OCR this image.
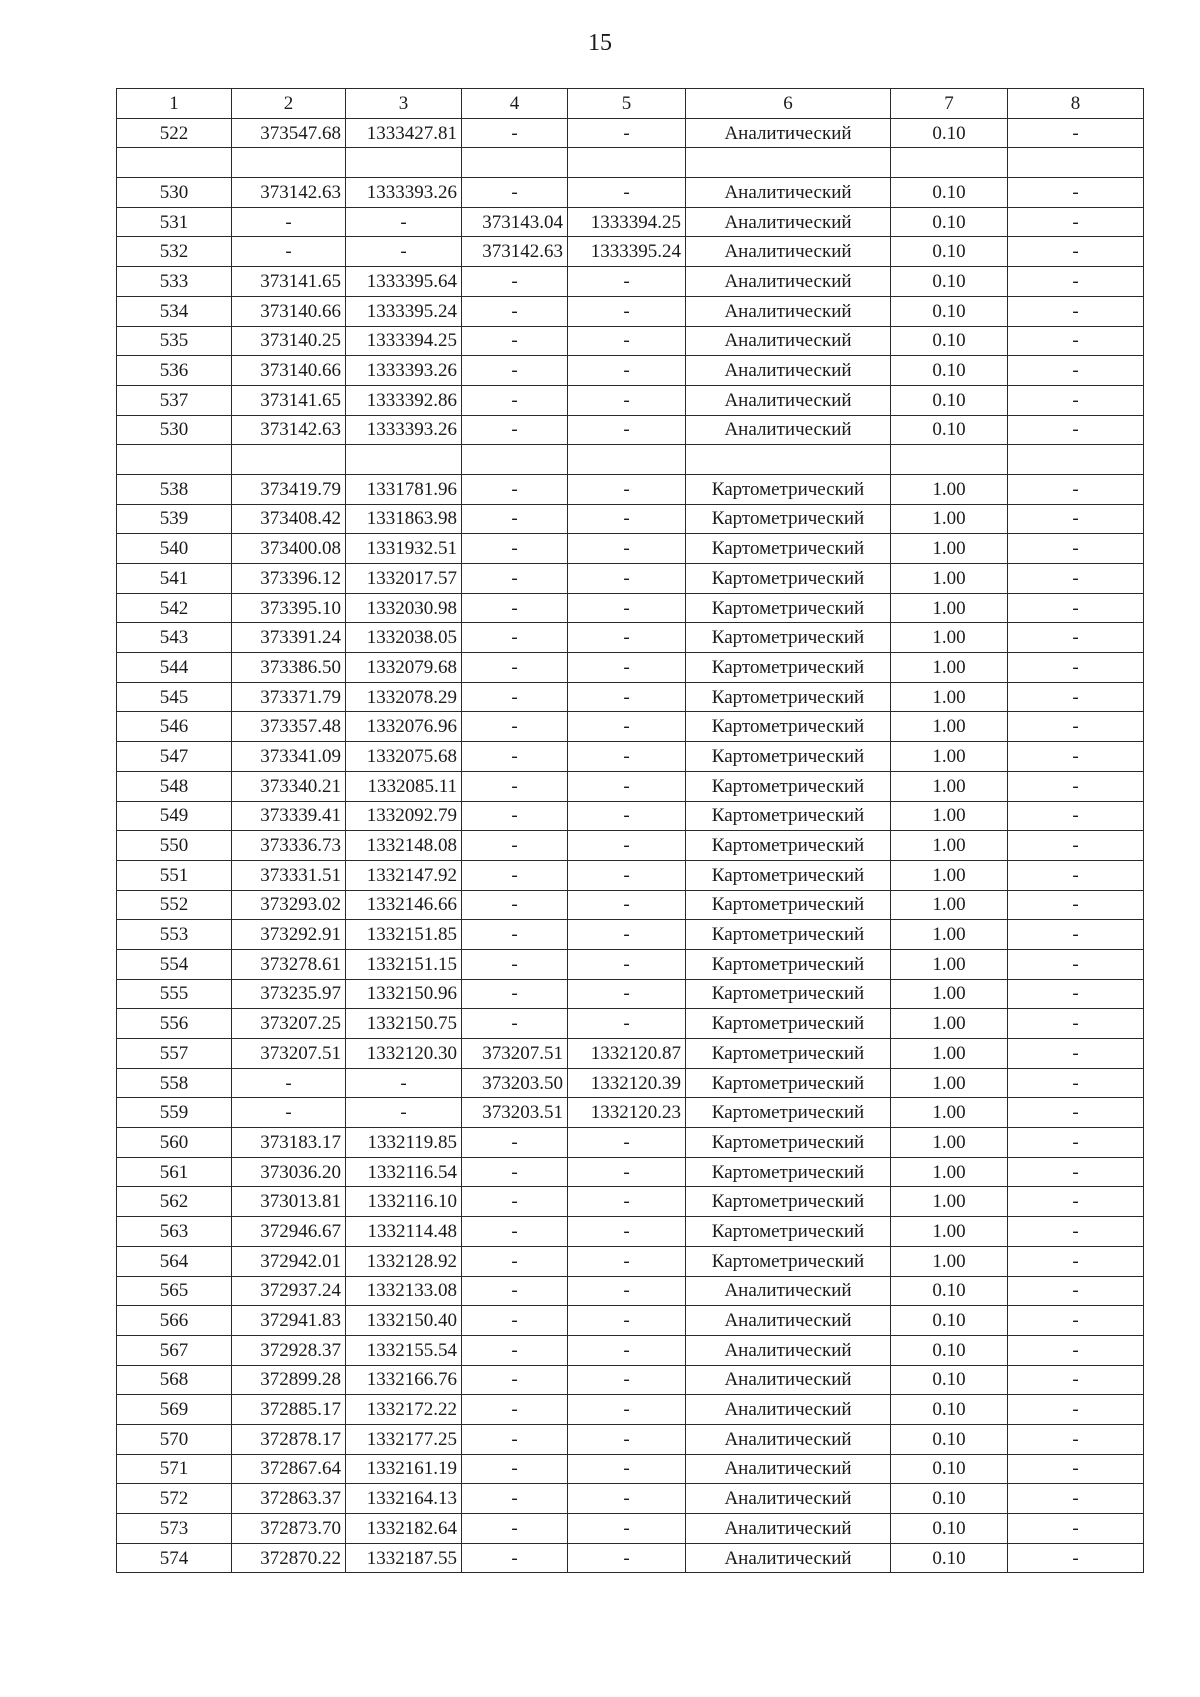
15
1	2	3	4	5	6	7	8
522	373547.68	1333427.81	-	-	Аналитический	0.10	-

530	373142.63	1333393.26	-	-	Аналитический	0.10	-
531	-	-	373143.04	1333394.25	Аналитический	0.10	-
532	-	-	373142.63	1333395.24	Аналитический	0.10	-
533	373141.65	1333395.64	-	-	Аналитический	0.10	-
534	373140.66	1333395.24	-	-	Аналитический	0.10	-
535	373140.25	1333394.25	-	-	Аналитический	0.10	-
536	373140.66	1333393.26	-	-	Аналитический	0.10	-
537	373141.65	1333392.86	-	-	Аналитический	0.10	-
530	373142.63	1333393.26	-	-	Аналитический	0.10	-

538	373419.79	1331781.96	-	-	Картометрический	1.00	-
539	373408.42	1331863.98	-	-	Картометрический	1.00	-
540	373400.08	1331932.51	-	-	Картометрический	1.00	-
541	373396.12	1332017.57	-	-	Картометрический	1.00	-
542	373395.10	1332030.98	-	-	Картометрический	1.00	-
543	373391.24	1332038.05	-	-	Картометрический	1.00	-
544	373386.50	1332079.68	-	-	Картометрический	1.00	-
545	373371.79	1332078.29	-	-	Картометрический	1.00	-
546	373357.48	1332076.96	-	-	Картометрический	1.00	-
547	373341.09	1332075.68	-	-	Картометрический	1.00	-
548	373340.21	1332085.11	-	-	Картометрический	1.00	-
549	373339.41	1332092.79	-	-	Картометрический	1.00	-
550	373336.73	1332148.08	-	-	Картометрический	1.00	-
551	373331.51	1332147.92	-	-	Картометрический	1.00	-
552	373293.02	1332146.66	-	-	Картометрический	1.00	-
553	373292.91	1332151.85	-	-	Картометрический	1.00	-
554	373278.61	1332151.15	-	-	Картометрический	1.00	-
555	373235.97	1332150.96	-	-	Картометрический	1.00	-
556	373207.25	1332150.75	-	-	Картометрический	1.00	-
557	373207.51	1332120.30	373207.51	1332120.87	Картометрический	1.00	-
558	-	-	373203.50	1332120.39	Картометрический	1.00	-
559	-	-	373203.51	1332120.23	Картометрический	1.00	-
560	373183.17	1332119.85	-	-	Картометрический	1.00	-
561	373036.20	1332116.54	-	-	Картометрический	1.00	-
562	373013.81	1332116.10	-	-	Картометрический	1.00	-
563	372946.67	1332114.48	-	-	Картометрический	1.00	-
564	372942.01	1332128.92	-	-	Картометрический	1.00	-
565	372937.24	1332133.08	-	-	Аналитический	0.10	-
566	372941.83	1332150.40	-	-	Аналитический	0.10	-
567	372928.37	1332155.54	-	-	Аналитический	0.10	-
568	372899.28	1332166.76	-	-	Аналитический	0.10	-
569	372885.17	1332172.22	-	-	Аналитический	0.10	-
570	372878.17	1332177.25	-	-	Аналитический	0.10	-
571	372867.64	1332161.19	-	-	Аналитический	0.10	-
572	372863.37	1332164.13	-	-	Аналитический	0.10	-
573	372873.70	1332182.64	-	-	Аналитический	0.10	-
574	372870.22	1332187.55	-	-	Аналитический	0.10	-
